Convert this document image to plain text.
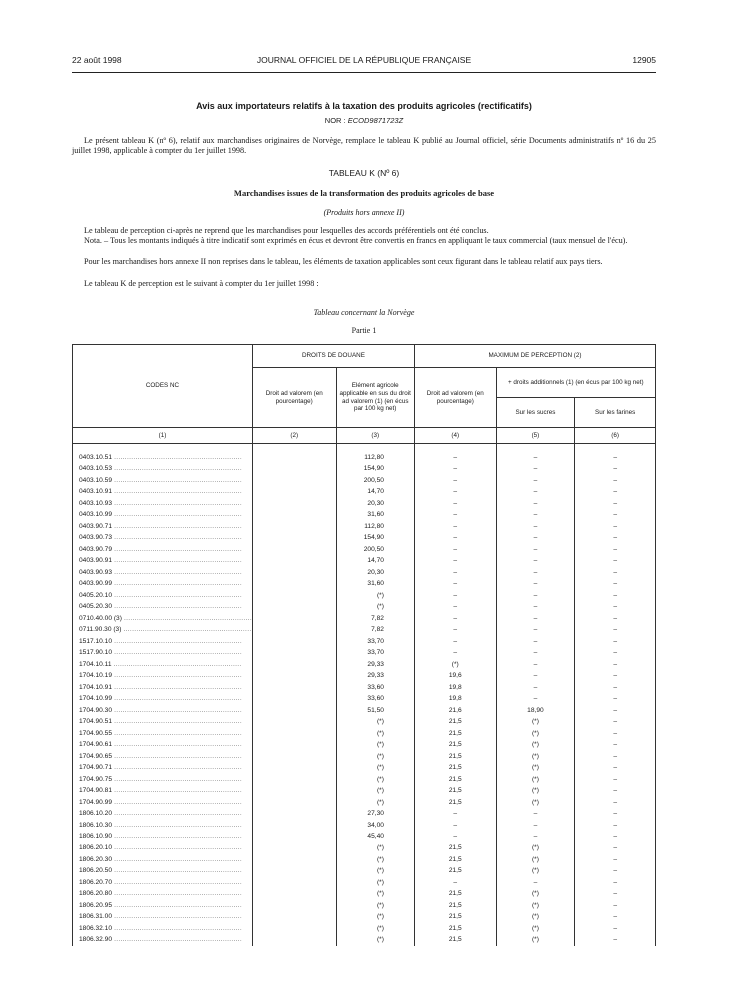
22 août 1998	JOURNAL OFFICIEL DE LA RÉPUBLIQUE FRANÇAISE	12905
Avis aux importateurs relatifs à la taxation des produits agricoles (rectificatifs)
NOR : ECOD9871723Z
Le présent tableau K (nº 6), relatif aux marchandises originaires de Norvège, remplace le tableau K publié au Journal officiel, série Documents administratifs nº 16 du 25 juillet 1998, applicable à compter du 1er juillet 1998.
TABLEAU K (Nº 6)
Marchandises issues de la transformation des produits agricoles de base
(Produits hors annexe II)
Le tableau de perception ci-après ne reprend que les marchandises pour lesquelles des accords préférentiels ont été conclus.
Nota. – Tous les montants indiqués à titre indicatif sont exprimés en écus et devront être convertis en francs en appliquant le taux commercial (taux mensuel de l'écu).
Pour les marchandises hors annexe II non reprises dans le tableau, les éléments de taxation applicables sont ceux figurant dans le tableau relatif aux pays tiers.
Le tableau K de perception est le suivant à compter du 1er juillet 1998 :
Tableau concernant la Norvège
Partie 1
CODES NC	DROITS DE DOUANE		MAXIMUM DE PERCEPTION (2)		
	Droit ad valorem (en pourcentage)	Elément agricole applicable en sus du droit ad valorem (1) (en écus par 100 kg net)	Droit ad valorem (en pourcentage)	+ droits additionnels (1) (en écus par 100 kg net)	
				Sur les sucres	Sur les farines
(1)	(2)	(3)	(4)	(5)	(6)

0403.10.51 ............................................................		112,80	–	–	–
0403.10.53 ............................................................		154,90	–	–	–
0403.10.59 ............................................................		200,50	–	–	–
0403.10.91 ............................................................		14,70	–	–	–
0403.10.93 ............................................................		20,30	–	–	–
0403.10.99 ............................................................		31,60	–	–	–
0403.90.71 ............................................................		112,80	–	–	–
0403.90.73 ............................................................		154,90	–	–	–
0403.90.79 ............................................................		200,50	–	–	–
0403.90.91 ............................................................		14,70	–	–	–
0403.90.93 ............................................................		20,30	–	–	–
0403.90.99 ............................................................		31,60	–	–	–
0405.20.10 ............................................................		(*)	–	–	–
0405.20.30 ............................................................		(*)	–	–	–
0710.40.00 (3) ............................................................		7,82	–	–	–
0711.90.30 (3) ............................................................		7,82	–	–	–
1517.10.10 ............................................................		33,70	–	–	–
1517.90.10 ............................................................		33,70	–	–	–
1704.10.11 ............................................................		29,33	(*)	–	–
1704.10.19 ............................................................		29,33	19,6	–	–
1704.10.91 ............................................................		33,60	19,8	–	–
1704.10.99 ............................................................		33,60	19,8	–	–
1704.90.30 ............................................................		51,50	21,6	18,90	–
1704.90.51 ............................................................		(*)	21,5	(*)	–
1704.90.55 ............................................................		(*)	21,5	(*)	–
1704.90.61 ............................................................		(*)	21,5	(*)	–
1704.90.65 ............................................................		(*)	21,5	(*)	–
1704.90.71 ............................................................		(*)	21,5	(*)	–
1704.90.75 ............................................................		(*)	21,5	(*)	–
1704.90.81 ............................................................		(*)	21,5	(*)	–
1704.90.99 ............................................................		(*)	21,5	(*)	–
1806.10.20 ............................................................		27,30	–	–	–
1806.10.30 ............................................................		34,00	–	–	–
1806.10.90 ............................................................		45,40	–	–	–
1806.20.10 ............................................................		(*)	21,5	(*)	–
1806.20.30 ............................................................		(*)	21,5	(*)	–
1806.20.50 ............................................................		(*)	21,5	(*)	–
1806.20.70 ............................................................		(*)	–	–	–
1806.20.80 ............................................................		(*)	21,5	(*)	–
1806.20.95 ............................................................		(*)	21,5	(*)	–
1806.31.00 ............................................................		(*)	21,5	(*)	–
1806.32.10 ............................................................		(*)	21,5	(*)	–
1806.32.90 ............................................................		(*)	21,5	(*)	–
